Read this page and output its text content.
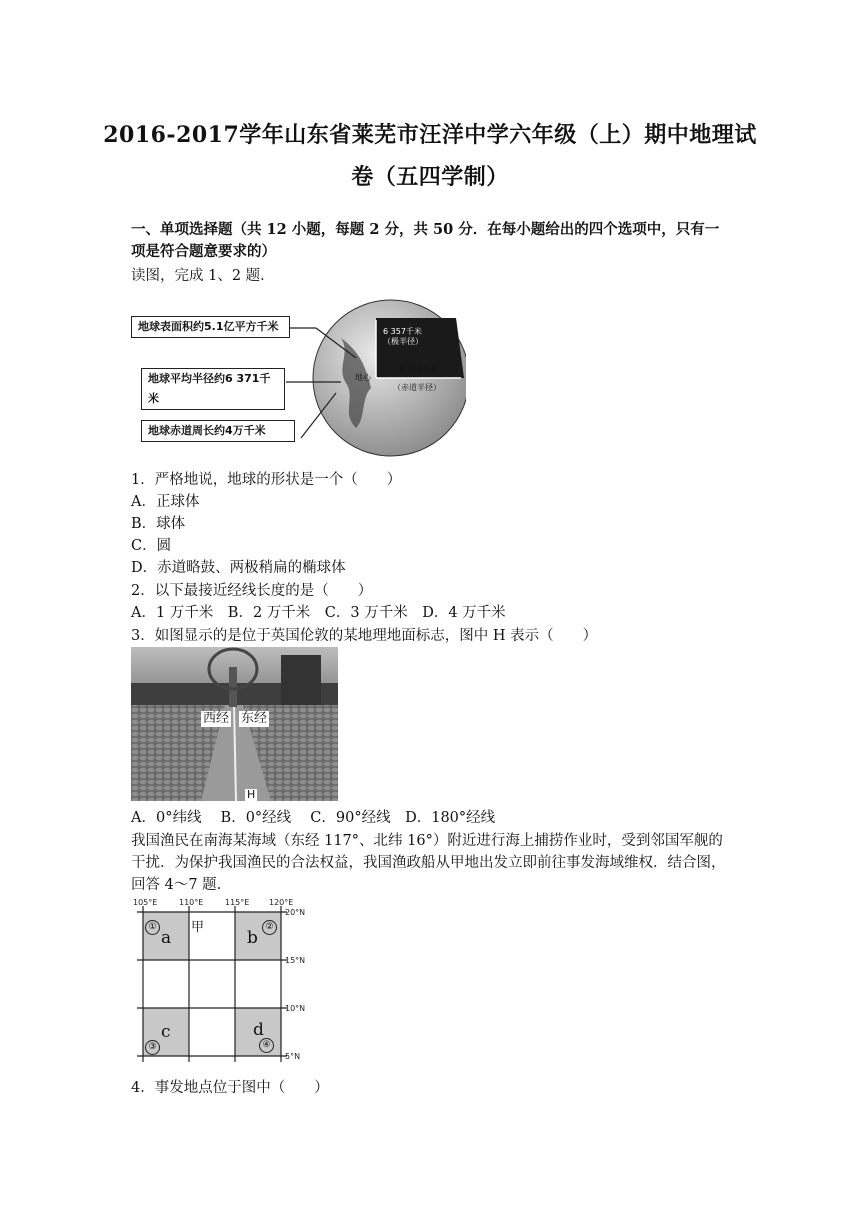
2016-2017学年山东省莱芜市汪洋中学六年级（上）期中地理试
卷（五四学制）
一、单项选择题（共 12 小题，每题 2 分，共 50 分．在每小题给出的四个选项中，只有一
项是符合题意要求的）
读图，完成 1、2 题．
地球表面积约5.1亿平方千米
地球平均半径约6 371千米
地球赤道周长约4万千米
6 357千米
（极半径）
6 378千米
（赤道半径）
地心
1．严格地说，地球的形状是一个（　　）
A．正球体
B．球体
C．圆
D．赤道略鼓、两极稍扁的椭球体
2．以下最接近经线长度的是（　　）
A．1 万千米　B．2 万千米　C．3 万千米　D．4 万千米
3．如图显示的是位于英国伦敦的某地理地面标志，图中 H 表示（　　）
西经 东经
H
A．0°纬线　 B．0°经线　 C．90°经线　D．180°经线
我国渔民在南海某海域（东经 117°、北纬 16°）附近进行海上捕捞作业时，受到邻国军舰的
干扰．为保护我国渔民的合法权益，我国渔政船从甲地出发立即前往事发海域维权．结合图，
回答 4～7 题．
105°E	110°E	115°E 120°E
20°N
15°N
10°N
5°N
a	b
c	d
甲
①	②
③	④
4．事发地点位于图中（　　）
